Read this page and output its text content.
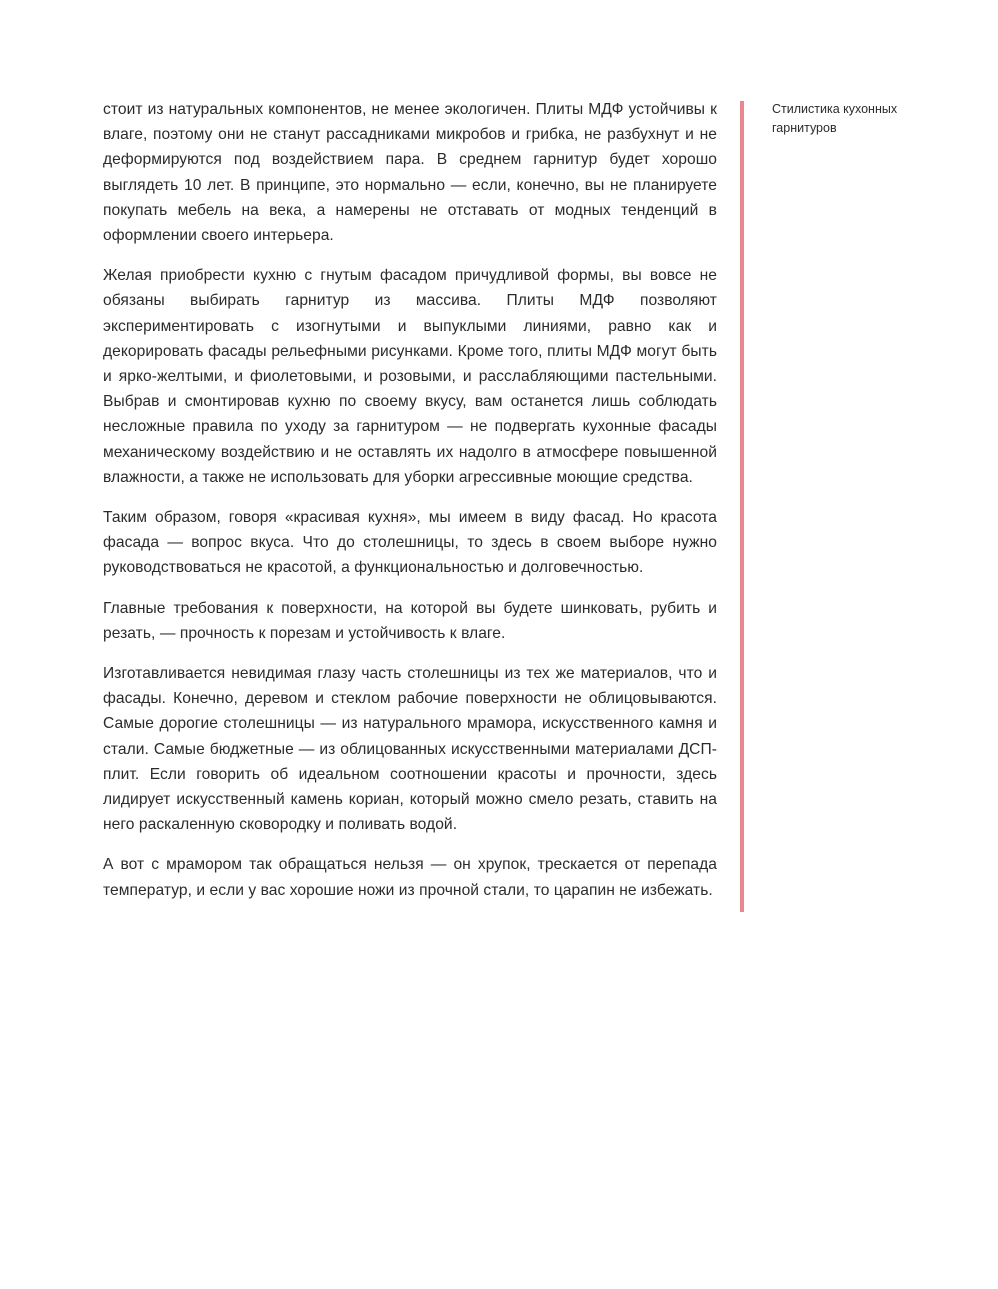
стоит из натуральных компонентов, не менее экологичен. Плиты МДФ устойчивы к влаге, поэтому они не станут рассадниками микробов и грибка, не разбухнут и не деформируются под воздействием пара. В среднем гарнитур будет хорошо выглядеть 10 лет. В принципе, это нормально — если, конечно, вы не планируете покупать мебель на века, а намерены не отставать от модных тенденций в оформлении своего интерьера.

Желая приобрести кухню с гнутым фасадом причудливой формы, вы вовсе не обязаны выбирать гарнитур из массива. Плиты МДФ позволяют экспериментировать с изогнутыми и выпуклыми линиями, равно как и декорировать фасады рельефными рисунками. Кроме того, плиты МДФ могут быть и ярко-желтыми, и фиолетовыми, и розовыми, и расслабляющими пастельными. Выбрав и смонтировав кухню по своему вкусу, вам останется лишь соблюдать несложные правила по уходу за гарнитуром — не подвергать кухонные фасады механическому воздействию и не оставлять их надолго в атмосфере повышенной влажности, а также не использовать для уборки агрессивные моющие средства.

Таким образом, говоря «красивая кухня», мы имеем в виду фасад. Но красота фасада — вопрос вкуса. Что до столешницы, то здесь в своем выборе нужно руководствоваться не красотой, а функциональностью и долговечностью.

Главные требования к поверхности, на которой вы будете шинковать, рубить и резать, — прочность к порезам и устойчивость к влаге.

Изготавливается невидимая глазу часть столешницы из тех же материалов, что и фасады. Конечно, деревом и стеклом рабочие поверхности не облицовываются. Самые дорогие столешницы — из натурального мрамора, искусственного камня и стали. Самые бюджетные — из облицованных искусственными материалами ДСП-плит. Если говорить об идеальном соотношении красоты и прочности, здесь лидирует искусственный камень кориан, который можно смело резать, ставить на него раскаленную сковородку и поливать водой.

А вот с мрамором так обращаться нельзя — он хрупок, трескается от перепада температур, и если у вас хорошие ножи из прочной стали, то царапин не избежать.

Стилистика кухонных гарнитуров
